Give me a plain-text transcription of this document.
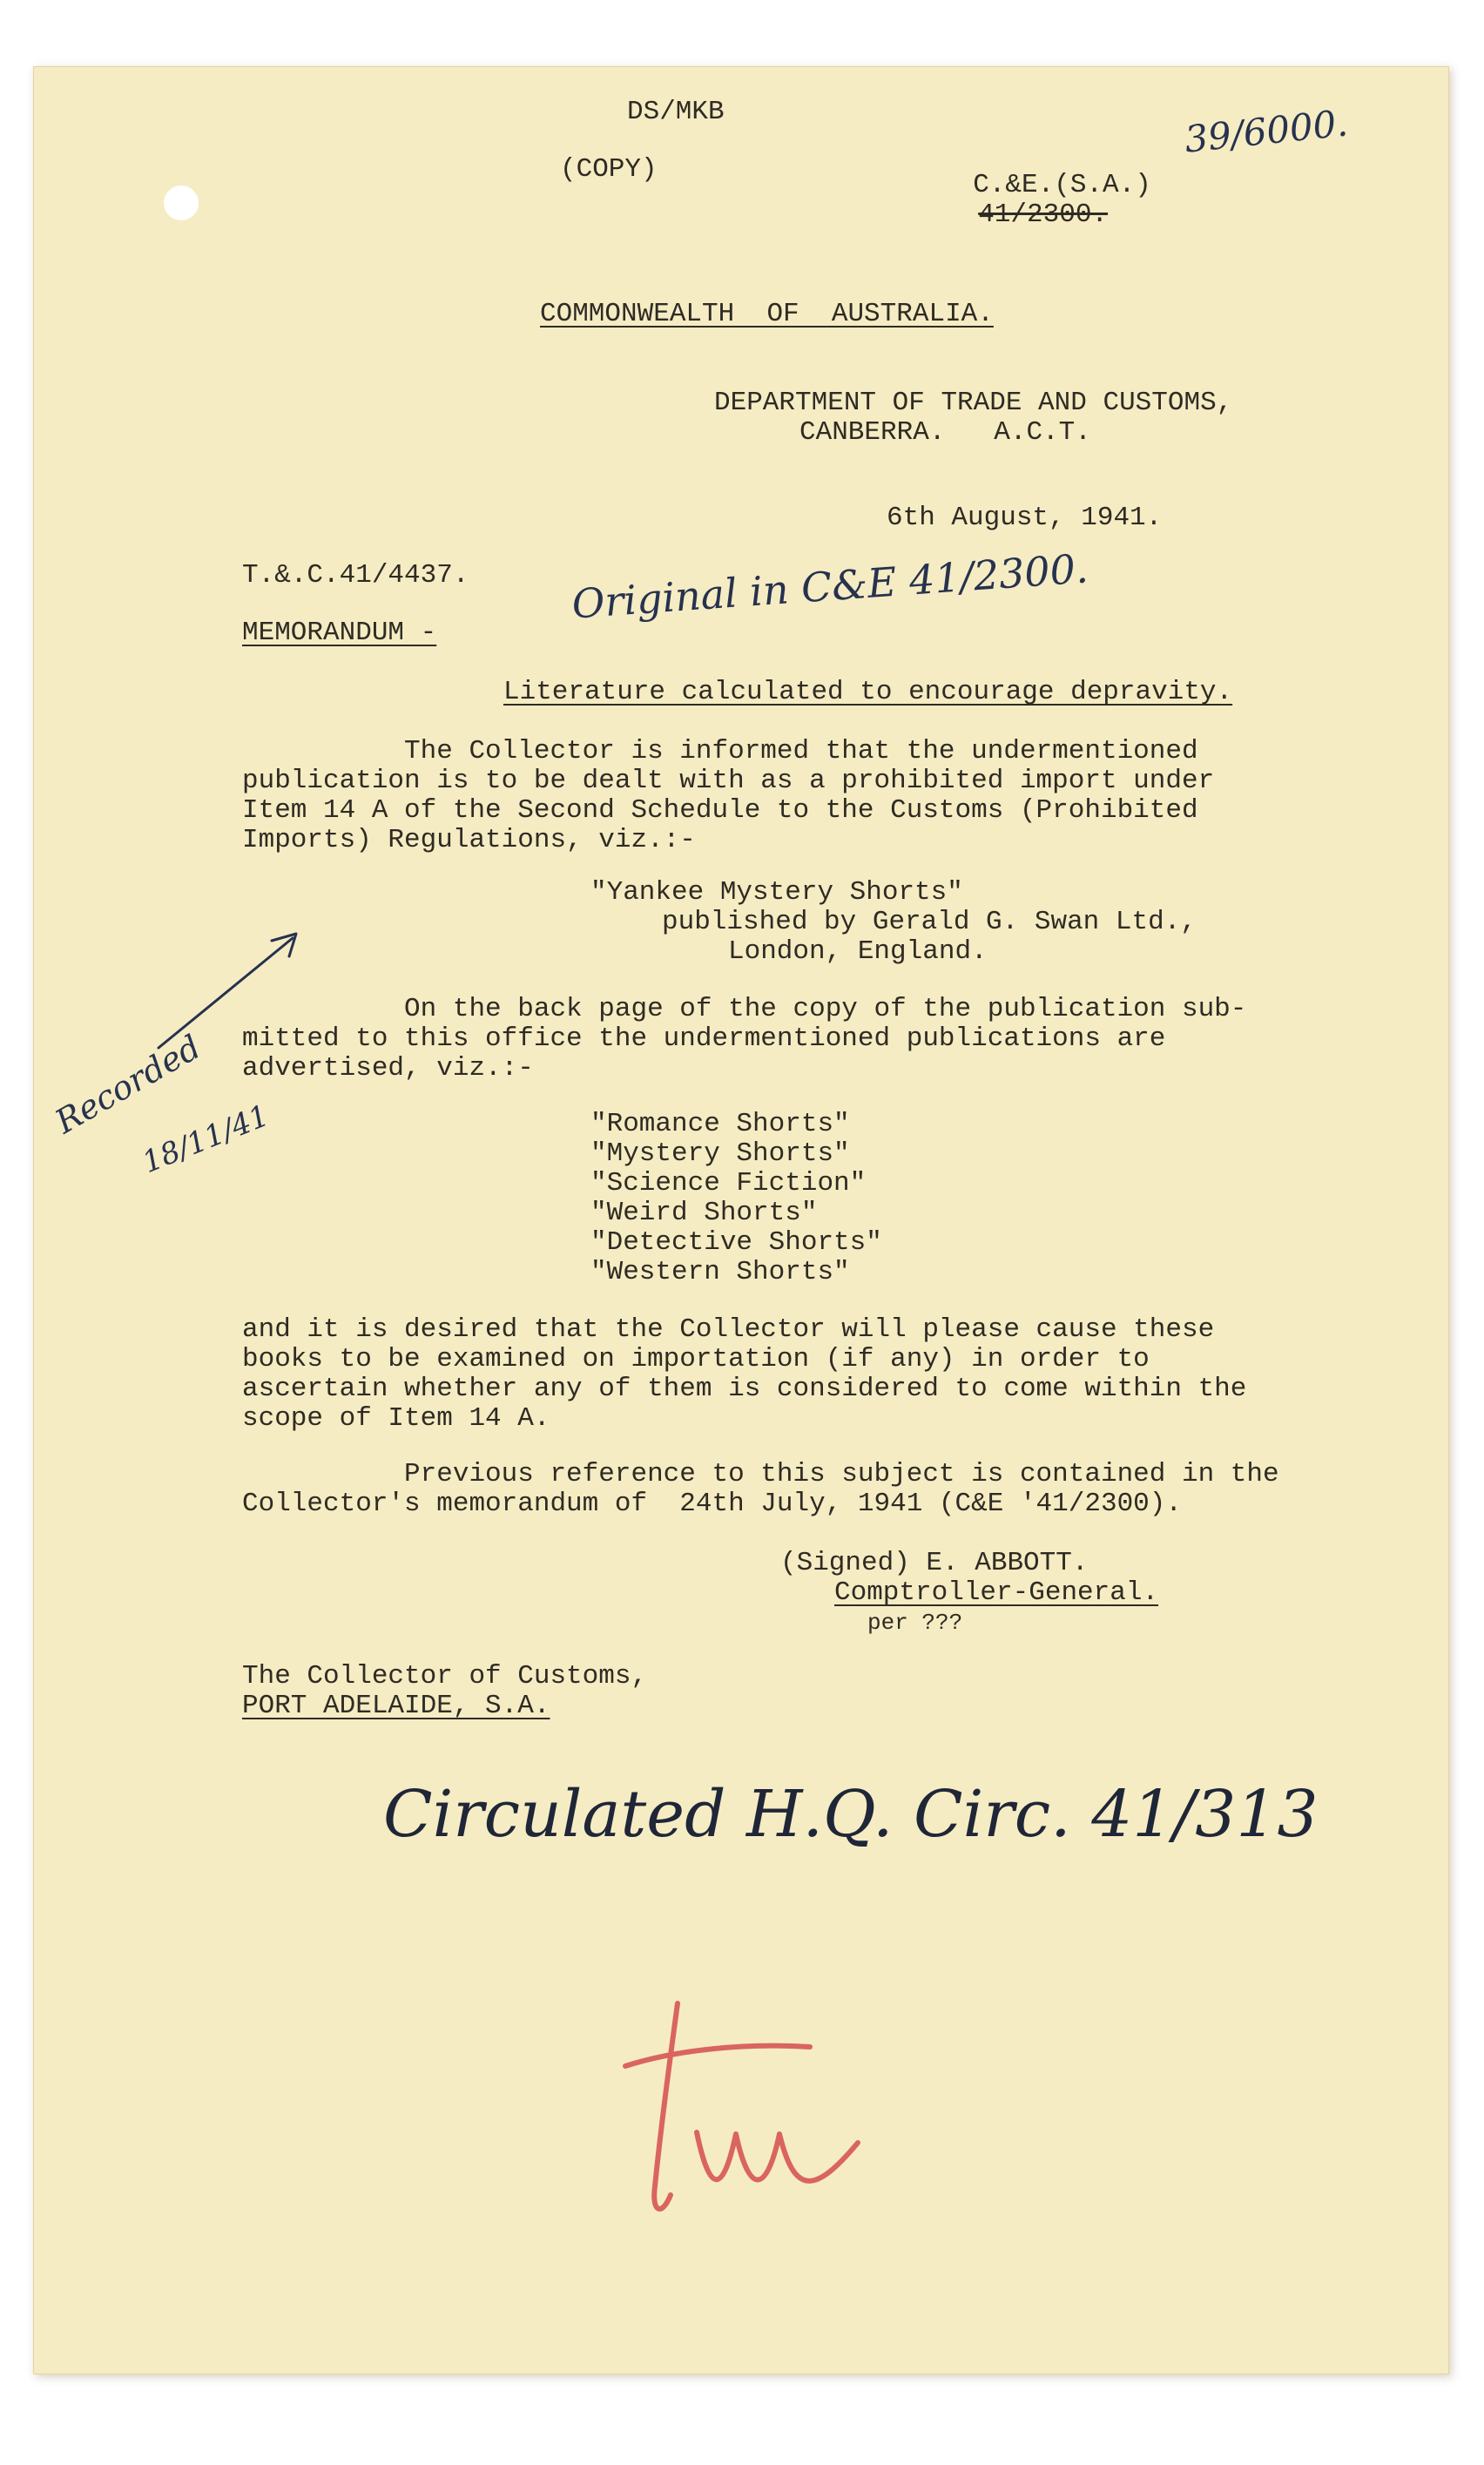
DS/MKB

(COPY)

C.&E.(S.A.)
41/2300.

39/6000.

COMMONWEALTH  OF  AUSTRALIA.

DEPARTMENT OF TRADE AND CUSTOMS,

CANBERRA.   A.C.T.

6th August, 1941.

T.&.C.41/4437.	Original in C&E 41/2300.

MEMORANDUM -

Literature calculated to encourage depravity.

The Collector is informed that the undermentioned

publication is to be dealt with as a prohibited import under

Item 14 A of the Second Schedule to the Customs (Prohibited

Imports) Regulations, viz.:-

"Yankee Mystery Shorts"

published by Gerald G. Swan Ltd.,

London, England.

On the back page of the copy of the publication sub-

mitted to this office the undermentioned publications are

advertised, viz.:-

"Romance Shorts"

"Mystery Shorts"

"Science Fiction"

"Weird Shorts"

"Detective Shorts"

"Western Shorts"

Recorded
18/11/41

and it is desired that the Collector will please cause these

books to be examined on importation (if any) in order to

ascertain whether any of them is considered to come within the

scope of Item 14 A.

Previous reference to this subject is contained in the

Collector's memorandum of  24th July, 1941 (C&E '41/2300).

(Signed) E. ABBOTT.

Comptroller-General.

per ???

The Collector of Customs,

PORT ADELAIDE, S.A.

Circulated H.Q. Circ. 41/313
